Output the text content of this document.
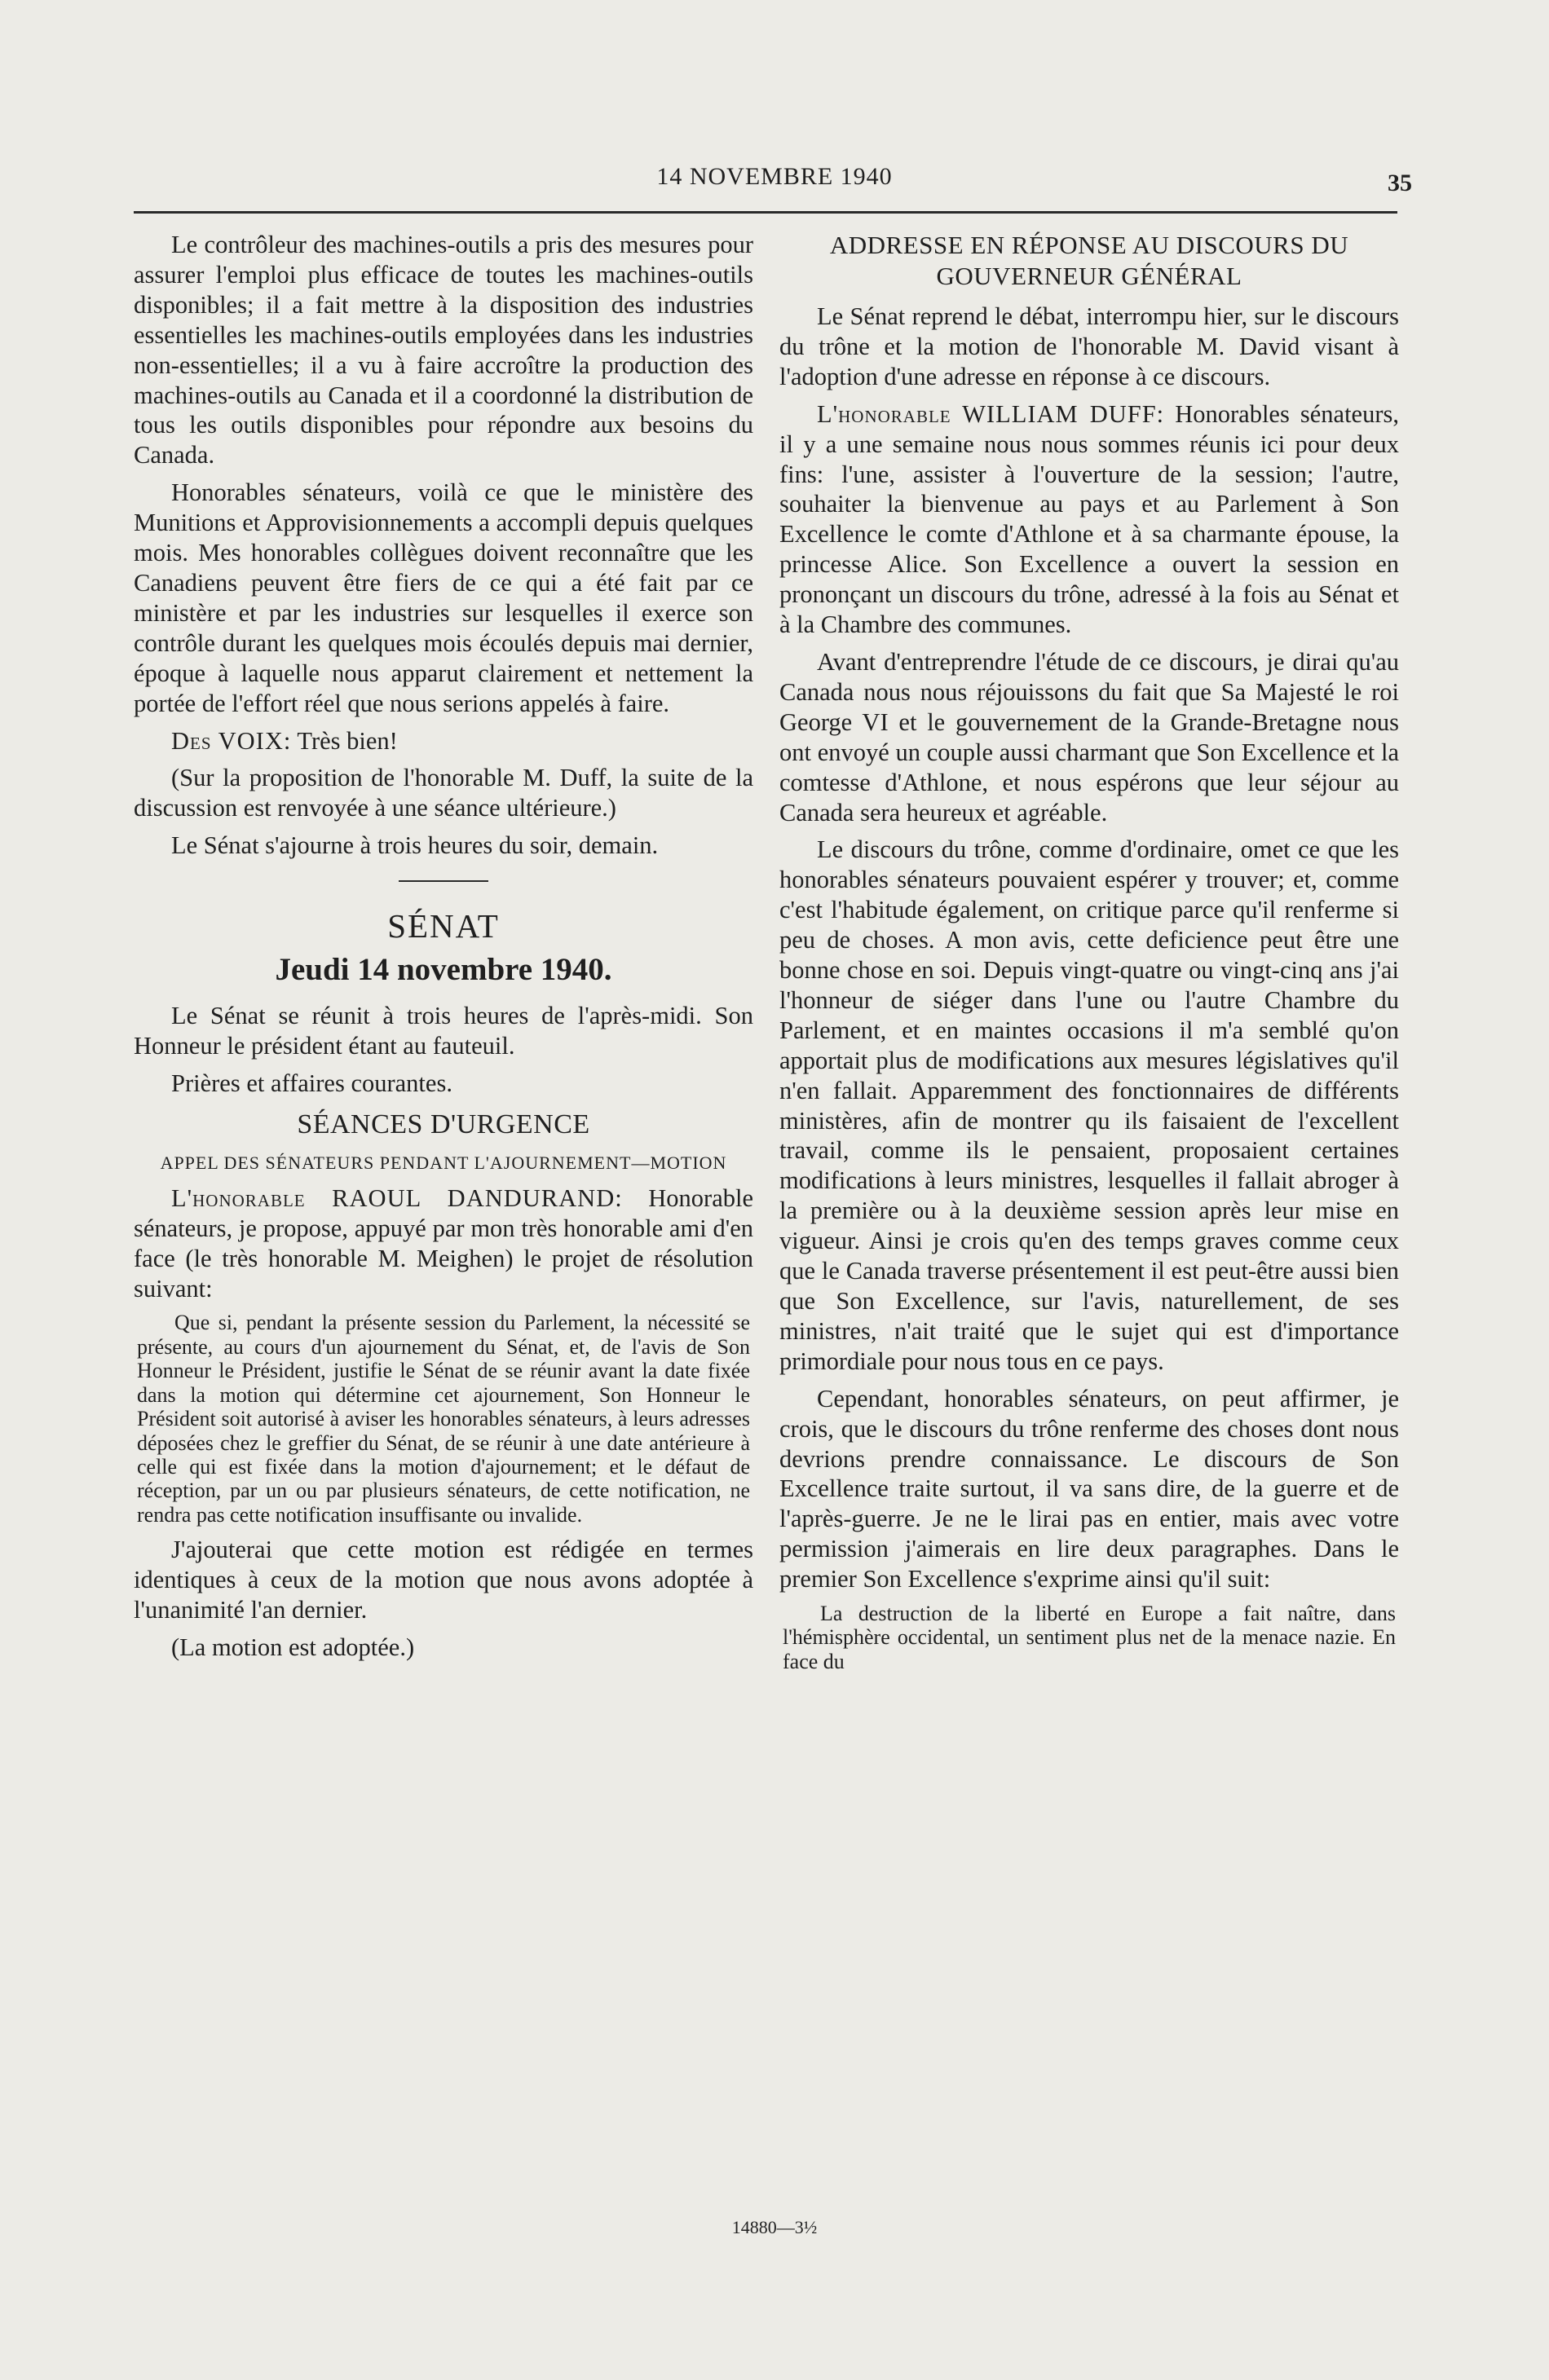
14 NOVEMBRE 1940	35

Le contrôleur des machines-outils a pris des mesures pour assurer l'emploi plus efficace de toutes les machines-outils disponibles; il a fait mettre à la disposition des industries essentielles les machines-outils employées dans les industries non-essentielles; il a vu à faire accroître la production des machines-outils au Canada et il a coordonné la distribution de tous les outils disponibles pour répondre aux besoins du Canada.

Honorables sénateurs, voilà ce que le ministère des Munitions et Approvisionnements a accompli depuis quelques mois. Mes honorables collègues doivent reconnaître que les Canadiens peuvent être fiers de ce qui a été fait par ce ministère et par les industries sur lesquelles il exerce son contrôle durant les quelques mois écoulés depuis mai dernier, époque à laquelle nous apparut clairement et nettement la portée de l'effort réel que nous serions appelés à faire.

Des VOIX: Très bien!

(Sur la proposition de l'honorable M. Duff, la suite de la discussion est renvoyée à une séance ultérieure.)

Le Sénat s'ajourne à trois heures du soir, demain.

SÉNAT
Jeudi 14 novembre 1940.

Le Sénat se réunit à trois heures de l'après-midi. Son Honneur le président étant au fauteuil.

Prières et affaires courantes.

SÉANCES D'URGENCE
APPEL DES SÉNATEURS PENDANT L'AJOURNEMENT—MOTION

L'honorable RAOUL DANDURAND: Honorable sénateurs, je propose, appuyé par mon très honorable ami d'en face (le très honorable M. Meighen) le projet de résolution suivant:

Que si, pendant la présente session du Parlement, la nécessité se présente, au cours d'un ajournement du Sénat, et, de l'avis de Son Honneur le Président, justifie le Sénat de se réunir avant la date fixée dans la motion qui détermine cet ajournement, Son Honneur le Président soit autorisé à aviser les honorables sénateurs, à leurs adresses déposées chez le greffier du Sénat, de se réunir à une date antérieure à celle qui est fixée dans la motion d'ajournement; et le défaut de réception, par un ou par plusieurs sénateurs, de cette notification, ne rendra pas cette notification insuffisante ou invalide.

J'ajouterai que cette motion est rédigée en termes identiques à ceux de la motion que nous avons adoptée à l'unanimité l'an dernier.

(La motion est adoptée.)

ADDRESSE EN RÉPONSE AU DISCOURS DU GOUVERNEUR GÉNÉRAL

Le Sénat reprend le débat, interrompu hier, sur le discours du trône et la motion de l'honorable M. David visant à l'adoption d'une adresse en réponse à ce discours.

L'honorable WILLIAM DUFF: Honorables sénateurs, il y a une semaine nous nous sommes réunis ici pour deux fins: l'une, assister à l'ouverture de la session; l'autre, souhaiter la bienvenue au pays et au Parlement à Son Excellence le comte d'Athlone et à sa charmante épouse, la princesse Alice. Son Excellence a ouvert la session en prononçant un discours du trône, adressé à la fois au Sénat et à la Chambre des communes.

Avant d'entreprendre l'étude de ce discours, je dirai qu'au Canada nous nous réjouissons du fait que Sa Majesté le roi George VI et le gouvernement de la Grande-Bretagne nous ont envoyé un couple aussi charmant que Son Excellence et la comtesse d'Athlone, et nous espérons que leur séjour au Canada sera heureux et agréable.

Le discours du trône, comme d'ordinaire, omet ce que les honorables sénateurs pouvaient espérer y trouver; et, comme c'est l'habitude également, on critique parce qu'il renferme si peu de choses. A mon avis, cette deficience peut être une bonne chose en soi. Depuis vingt-quatre ou vingt-cinq ans j'ai l'honneur de siéger dans l'une ou l'autre Chambre du Parlement, et en maintes occasions il m'a semblé qu'on apportait plus de modifications aux mesures législatives qu'il n'en fallait. Apparemment des fonctionnaires de différents ministères, afin de montrer qu ils faisaient de l'excellent travail, comme ils le pensaient, proposaient certaines modifications à leurs ministres, lesquelles il fallait abroger à la première ou à la deuxième session après leur mise en vigueur. Ainsi je crois qu'en des temps graves comme ceux que le Canada traverse présentement il est peut-être aussi bien que Son Excellence, sur l'avis, naturellement, de ses ministres, n'ait traité que le sujet qui est d'importance primordiale pour nous tous en ce pays.

Cependant, honorables sénateurs, on peut affirmer, je crois, que le discours du trône renferme des choses dont nous devrions prendre connaissance. Le discours de Son Excellence traite surtout, il va sans dire, de la guerre et de l'après-guerre. Je ne le lirai pas en entier, mais avec votre permission j'aimerais en lire deux paragraphes. Dans le premier Son Excellence s'exprime ainsi qu'il suit:

La destruction de la liberté en Europe a fait naître, dans l'hémisphère occidental, un sentiment plus net de la menace nazie. En face du

14880—3½
